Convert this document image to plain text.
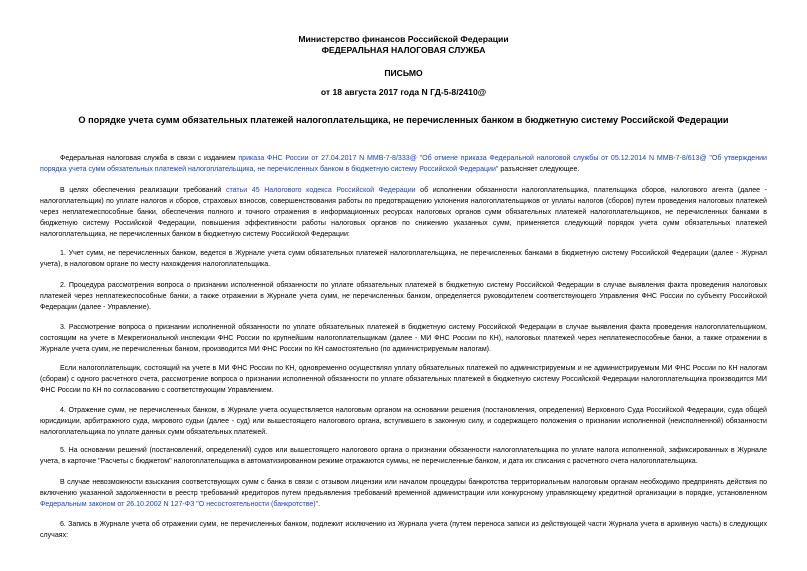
Министерство финансов Российской Федерации
ФЕДЕРАЛЬНАЯ НАЛОГОВАЯ СЛУЖБА
ПИСЬМО
от 18 августа 2017 года N ГД-5-8/2410@
О порядке учета сумм обязательных платежей налогоплательщика, не перечисленных банком в бюджетную систему Российской Федерации
Федеральная налоговая служба в связи с изданием приказа ФНС России от 27.04.2017 N ММВ-7-8/333@ "Об отмене приказа Федеральной налоговой службы от 05.12.2014 N ММВ-7-8/613@ "Об утверждении порядка учета сумм обязательных платежей налогоплательщика, не перечисленных банком в бюджетную систему Российской Федерации" разъясняет следующее.
В целях обеспечения реализации требований статьи 45 Налогового кодекса Российской Федерации об исполнении обязанности налогоплательщика, плательщика сборов, налогового агента (далее - налогоплательщик) по уплате налогов и сборов, страховых взносов, совершенствования работы по предотвращению уклонения налогоплательщиков от уплаты налогов (сборов) путем проведения налоговых платежей через неплатежеспособные банки, обеспечения полного и точного отражения в информационных ресурсах налоговых органов сумм обязательных платежей налогоплательщиков, не перечисленных банками в бюджетную систему Российской Федерации, повышения эффективности работы налоговых органов по снижению указанных сумм, применяется следующий порядок учета сумм обязательных платежей налогоплательщика, не перечисленных банком в бюджетную систему Российской Федерации:
1. Учет сумм, не перечисленных банком, ведется в Журнале учета сумм обязательных платежей налогоплательщика, не перечисленных банками в бюджетную систему Российской Федерации (далее - Журнал учета), в налоговом органе по месту нахождения налогоплательщика.
2. Процедура рассмотрения вопроса о признании исполненной обязанности по уплате обязательных платежей в бюджетную систему Российской Федерации в случае выявления факта проведения налоговых платежей через неплатежеспособные банки, а также отражении в Журнале учета сумм, не перечисленных банком, определяется руководителем соответствующего Управления ФНС России по субъекту Российской Федерации (далее - Управление).
3. Рассмотрение вопроса о признании исполненной обязанности по уплате обязательных платежей в бюджетную систему Российской Федерации в случае выявления факта проведения налогоплательщиком, состоящим на учете в Межрегиональной инспекции ФНС России по крупнейшим налогоплательщикам (далее - МИ ФНС России по КН), налоговых платежей через неплатежеспособные банки, а также отражении в Журнале учета сумм, не перечисленных банком, производится МИ ФНС России по КН самостоятельно (по администрируемым налогам).
Если налогоплательщик, состоящий на учете в МИ ФНС России по КН, одновременно осуществлял уплату обязательных платежей по администрируемым и не администрируемым МИ ФНС России по КН налогам (сборам) с одного расчетного счета, рассмотрение вопроса о признании исполненной обязанности по уплате обязательных платежей в бюджетную систему Российской Федерации налогоплательщика производится МИ ФНС России по КН по согласованию с соответствующим Управлением.
4. Отражение сумм, не перечисленных банком, в Журнале учета осуществляется налоговым органом на основании решения (постановления, определения) Верховного Суда Российской Федерации, суда общей юрисдикции, арбитражного суда, мирового судьи (далее - суд) или вышестоящего налогового органа, вступившего в законную силу, и содержащего положения о признании исполненной (неисполненной) обязанности налогоплательщика по уплате данных сумм обязательных платежей.
5. На основании решений (постановлений, определений) судов или вышестоящего налогового органа о признании обязанности налогоплательщика по уплате налога исполненной, зафиксированных в Журнале учета, в карточке "Расчеты с бюджетом" налогоплательщика в автоматизированном режиме отражаются суммы, не перечисленные банком, и дата их списания с расчетного счета налогоплательщика.
В случае невозможности взыскания соответствующих сумм с банка в связи с отзывом лицензии или началом процедуры банкротства территориальным налоговым органам необходимо предпринять действия по включению указанной задолженности в реестр требований кредиторов путем предъявления требований временной администрации или конкурсному управляющему кредитной организации в порядке, установленном Федеральным законом от 26.10.2002 N 127-ФЗ "О несостоятельности (банкротстве)".
6. Запись в Журнале учета об отражении сумм, не перечисленных банком, подлежит исключению из Журнала учета (путем переноса записи из действующей части Журнала учета в архивную часть) в следующих случаях:
